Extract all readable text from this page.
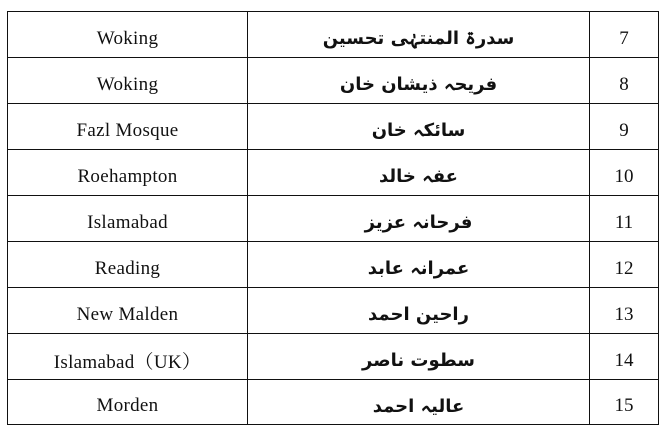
Woking	سدرۃ المنتہٰی تحسین	7
Woking	فریحہ ذیشان خان	8
Fazl Mosque	سائکہ خان	9
Roehampton	عفہ خالد	10
Islamabad	فرحانہ عزیز	11
Reading	عمرانہ عابد	12
New Malden	راحین احمد	13
Islamabad（UK）	سطوت ناصر	14
Morden	عالیہ احمد	15
